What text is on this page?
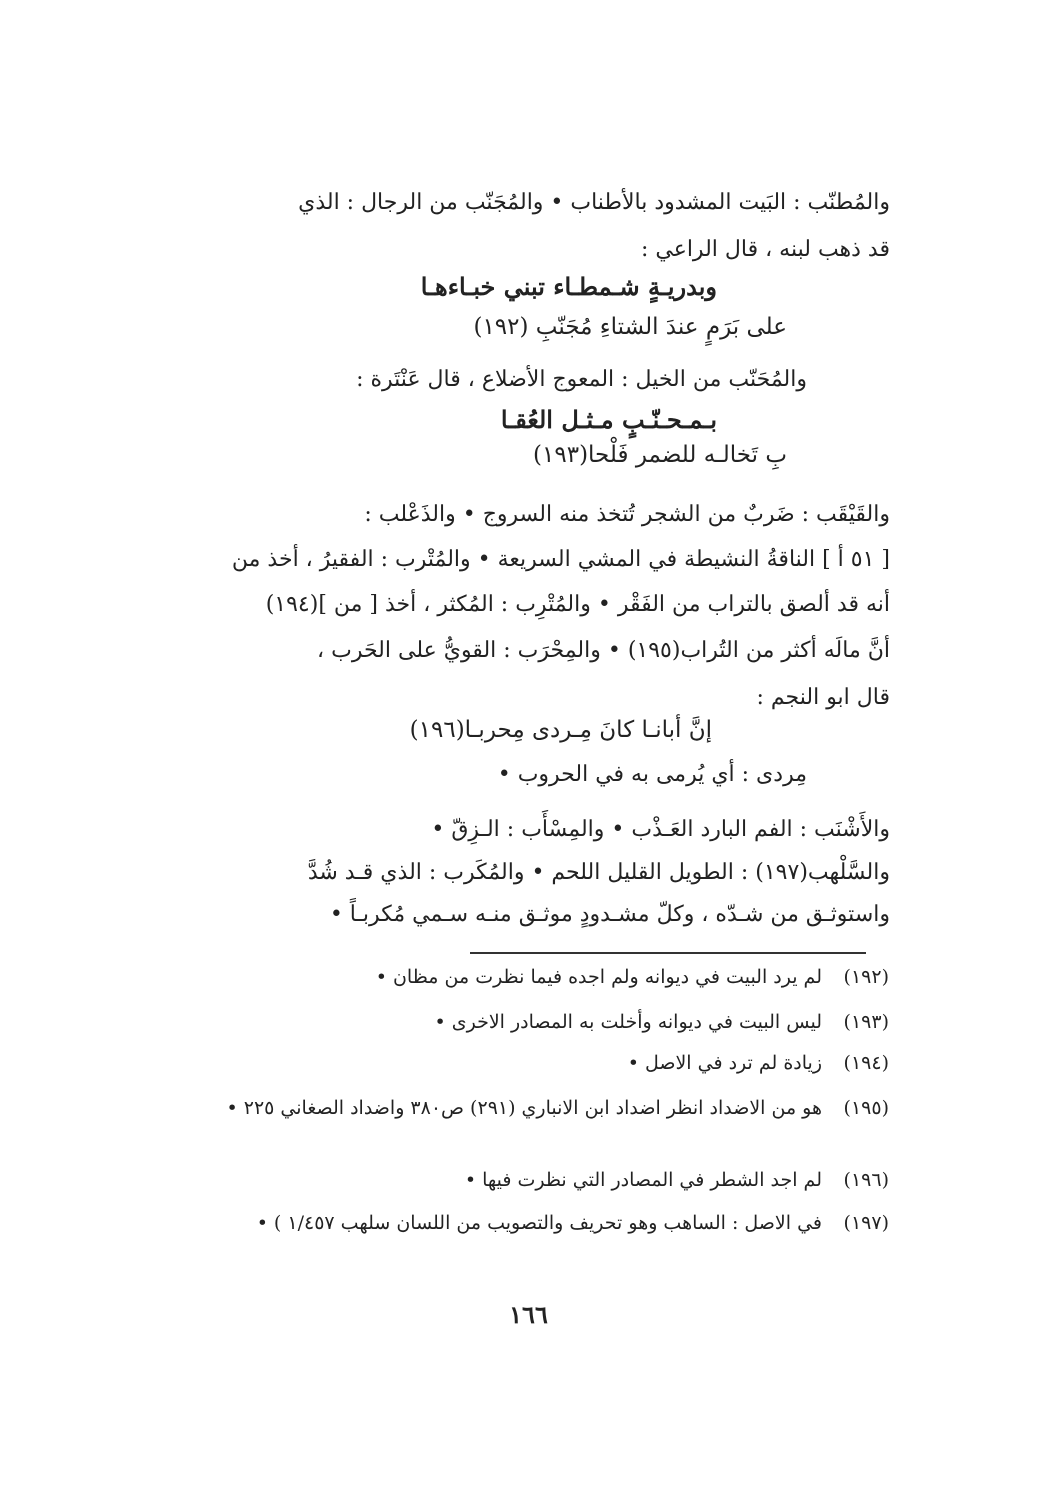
والمُطنّب : البَيت المشدود بالأطناب • والمُجَنّب من الرجال : الذي
قد ذهب لبنه ، قال الراعي :
وبدريـةٍ شـمطـاء تبني خبـاءهـا
على بَرَمٍ عندَ الشتاءِ مُجَنّبِ (١٩٢)
والمُحَنّب من الخيل : المعوج الأضلاع ، قال عَنْتَرة :
بـمـحـنّـبٍ مـثـل العُقـا
بِ تَخالـه للضمر فَلْحا(١٩٣)
والقَيْقَب : ضَربٌ من الشجر تُتخذ منه السروج • والذَعْلب :
[ ٥١ أ ] الناقةُ النشيطة في المشي السريعة • والمُتْرب : الفقيرُ ، أخذ من
أنه قد ألصق بالتراب من الفَقْر • والمُتْرِب : المُكثر ، أخذ [ من ](١٩٤)
أنَّ مالَه أكثر من التُراب(١٩٥) • والمِحْرَب : القويُّ على الحَرب ،
قال ابو النجم :
إنَّ أبانـا كانَ مِـردى مِحربـا(١٩٦)
مِردى : أي يُرمى به في الحروب •
والأَشْنَب : الفم البارد العَـذْب • والمِسْأَب : الـزِقّ •
والسَّلْهب(١٩٧) : الطويل القليل اللحم • والمُكَرب : الذي قـد شُدَّ
واستوثـق من شـدّه ، وكلّ مشـدودٍ موثـق منـه سـمي مُكربـاً •
(١٩٢)
لم يرد البيت في ديوانه ولم اجده فيما نظرت من مظان •
(١٩٣)
ليس البيت في ديوانه وأخلت به المصادر الاخرى •
(١٩٤)
زيادة لم ترد في الاصل •
(١٩٥)
هو من الاضداد انظر اضداد ابن الانباري (٢٩١) ص٣٨٠ واضداد الصغاني ٢٢٥ •
(١٩٦)
لم اجد الشطر في المصادر التي نظرت فيها •
(١٩٧)
في الاصل : الساهب وهو تحريف والتصويب من اللسان سلهب ١/٤٥٧ ) •
١٦٦
